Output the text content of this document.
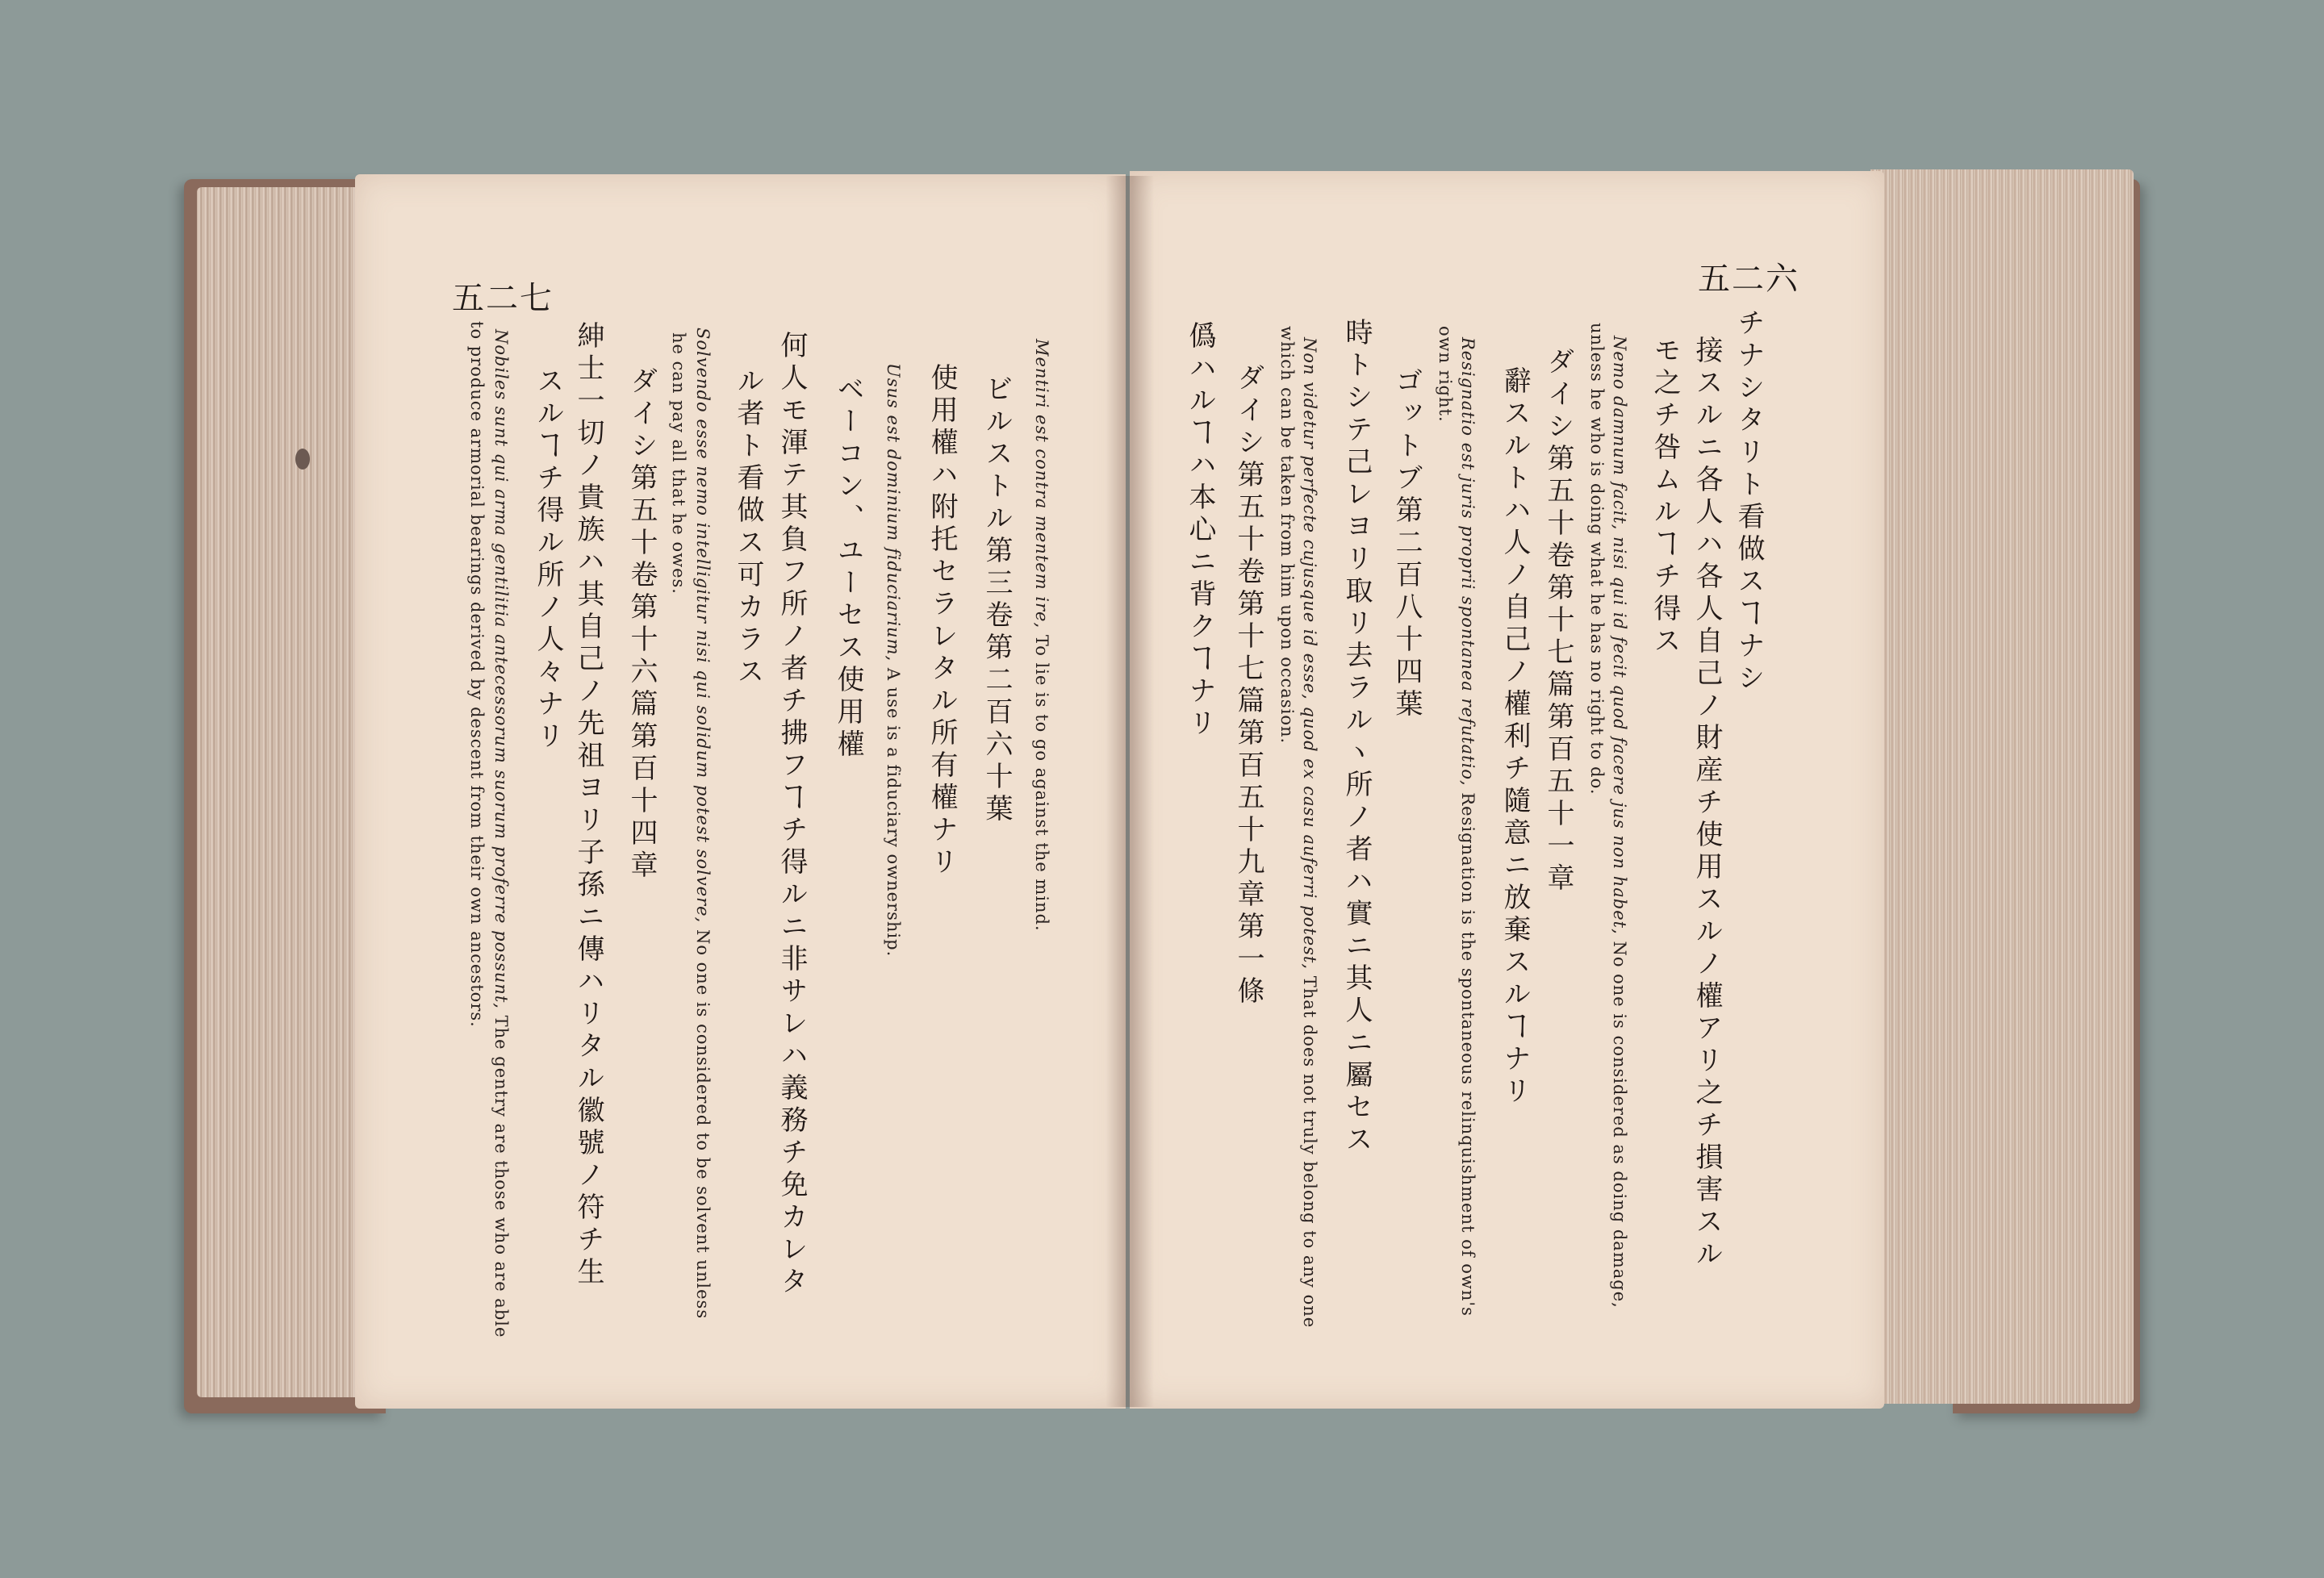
五二七
五二六
チナシタリト看做スヿナシ
接スルニ各人ハ各人自己ノ財産チ使用スルノ權アリ之チ損害スル
モ之チ咎ムルヿチ得ス
Nemo damnum facit, nisi qui id fecit quod facere jus non habet, No one is considered as doing damage,
unless he who is doing what he has no right to do.
ダイシ第五十卷第十七篇第百五十一章
辭スルトハ人ノ自己ノ權利チ隨意ニ放棄スルヿナリ
Resignatio est juris proprii spontanea refutatio, Resignation is the spontaneous relinquishment of own's
own right.
ゴットブ第二百八十四葉
時トシテ己レヨリ取リ去ラルヽ所ノ者ハ實ニ其人ニ屬セス
Non videtur perfecte cujusque id esse, quod ex casu auferri potest, That does not truly belong to any one
which can be taken from him upon occasion.
ダイシ第五十卷第十七篇第百五十九章第一條
僞ハルヿハ本心ニ背クヿナリ
Mentiri est contra mentem ire, To lie is to go against the mind.
ビルストル第三卷第二百六十葉
使用權ハ附托セラレタル所有權ナリ
Usus est dominium fiduciarium, A use is a fiduciary ownership.
ベーコン、ユーセス使用權
何人モ渾テ其負フ所ノ者チ拂フヿチ得ルニ非サレハ義務チ免カレタ
ル者ト看做ス可カラス
Solvendo esse nemo intelligitur nisi qui solidum potest solvere, No one is considered to be solvent unless
he can pay all that he owes.
ダイシ第五十卷第十六篇第百十四章
紳士一切ノ貴族ハ其自己ノ先祖ヨリ子孫ニ傳ハリタル徽號ノ符チ生
スルヿチ得ル所ノ人々ナリ
Nobiles sunt qui arma gentilitia antecessorum suorum proferre possunt, The gentry are those who are able
to produce armorial bearings derived by descent from their own ancestors.
